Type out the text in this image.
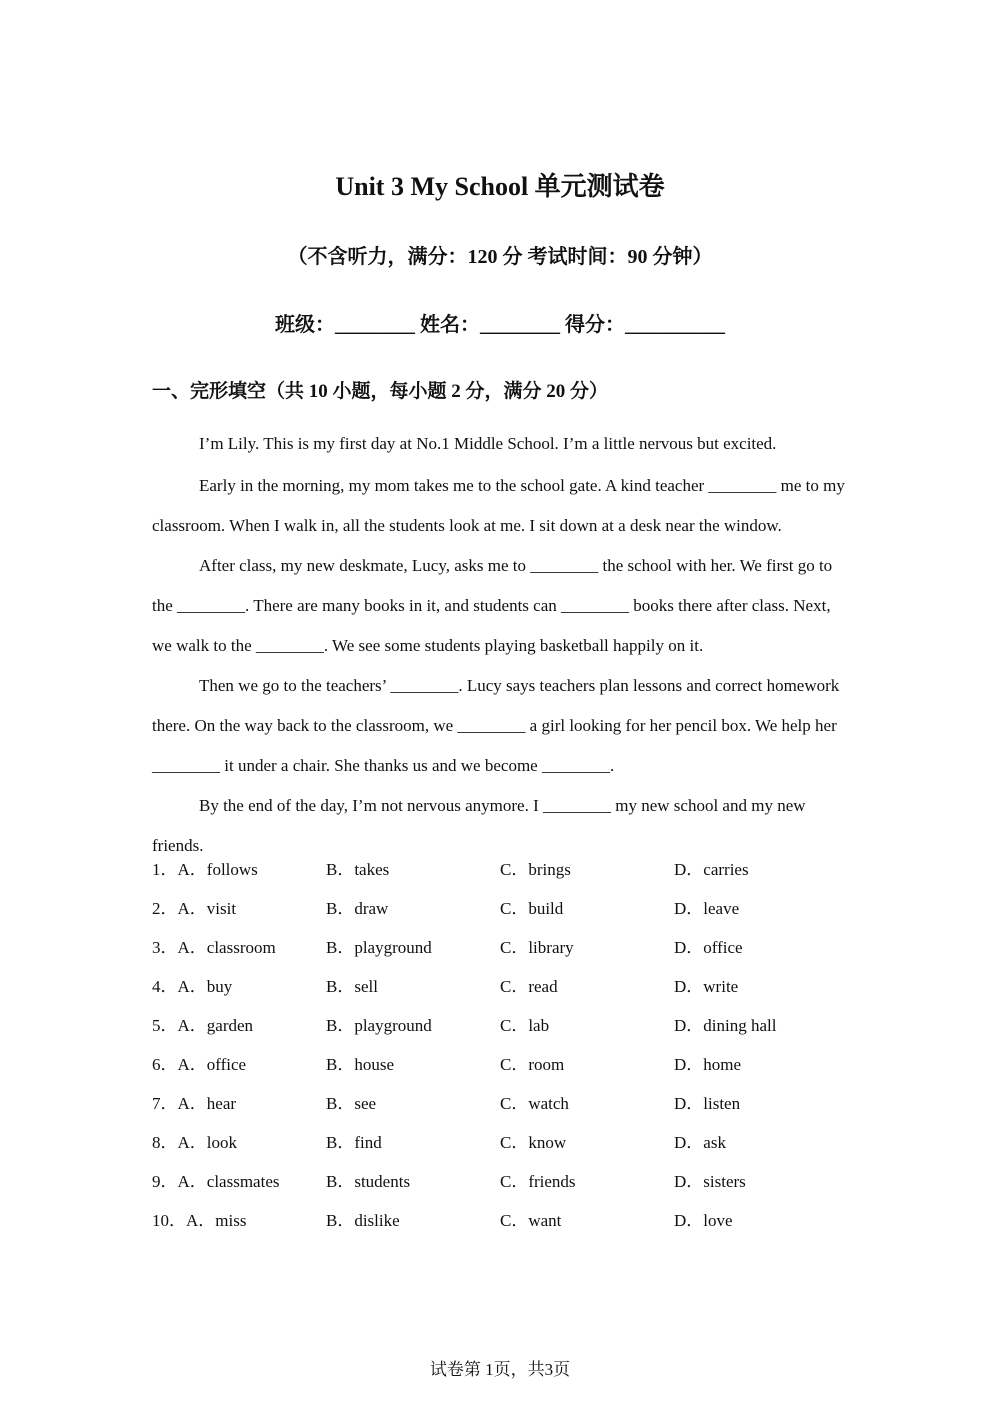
Unit 3 My School 单元测试卷
（不含听力，满分：120 分 考试时间：90 分钟）
班级：________ 姓名：________ 得分：__________
一、完形填空（共 10 小题，每小题 2 分，满分 20 分）

I’m Lily. This is my first day at No.1 Middle School. I’m a little nervous but excited.

Early in the morning, my mom takes me to the school gate. A kind teacher ________ me to my classroom. When I walk in, all the students look at me. I sit down at a desk near the window.

After class, my new deskmate, Lucy, asks me to ________ the school with her. We first go to the ________. There are many books in it, and students can ________ books there after class. Next, we walk to the ________. We see some students playing basketball happily on it.

Then we go to the teachers’ ________. Lucy says teachers plan lessons and correct homework there. On the way back to the classroom, we ________ a girl looking for her pencil box. We help her ________ it under a chair. She thanks us and we become ________.

By the end of the day, I’m not nervous anymore. I ________ my new school and my new friends.

1．A．follows	B．takes	C．brings	D．carries
2．A．visit	B．draw	C．build	D．leave
3．A．classroom	B．playground	C．library	D．office
4．A．buy	B．sell	C．read	D．write
5．A．garden	B．playground	C．lab	D．dining hall
6．A．office	B．house	C．room	D．home
7．A．hear	B．see	C．watch	D．listen
8．A．look	B．find	C．know	D．ask
9．A．classmates	B．students	C．friends	D．sisters
10．A．miss	B．dislike	C．want	D．love
试卷第 1页，共3页
